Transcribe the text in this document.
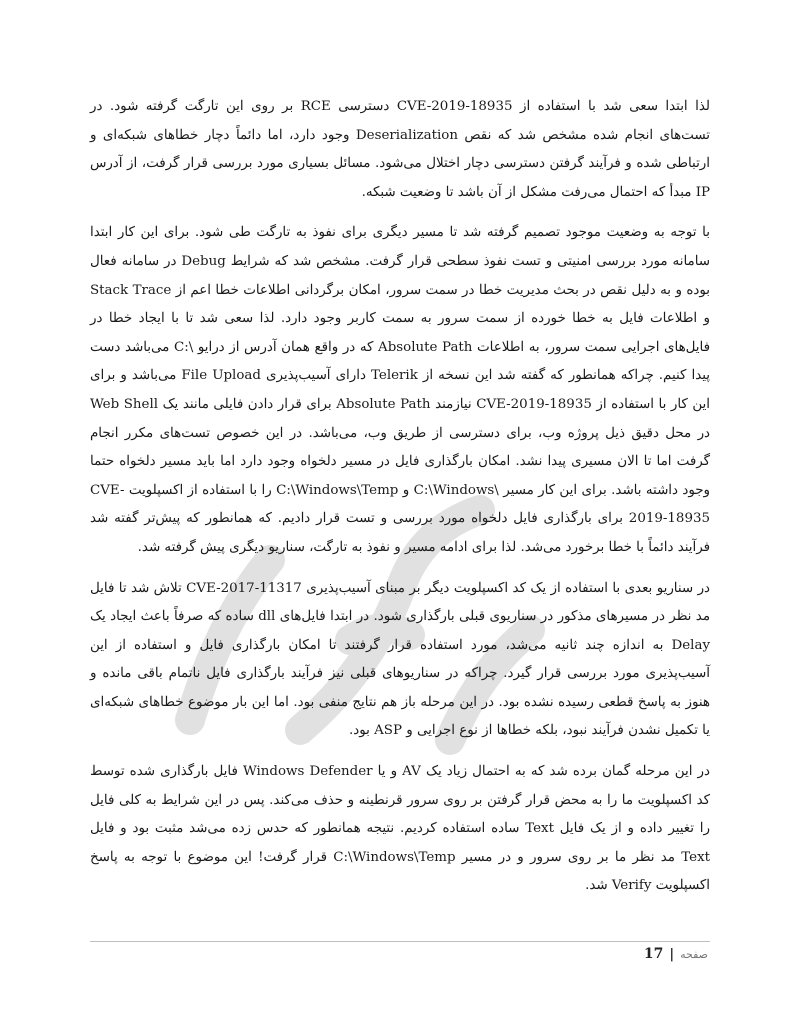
لذا ابتدا سعی شد با استفاده از CVE-2019-18935 دسترسی RCE بر روی این تارگت گرفته شود. در تست‌های انجام شده مشخص شد که نقص Deserialization وجود دارد، اما دائماً دچار خطاهای شبکه‌ای و ارتباطی شده و فرآیند گرفتن دسترسی دچار اختلال می‌شود. مسائل بسیاری مورد بررسی قرار گرفت، از آدرس IP مبدأ که احتمال می‌رفت مشکل از آن باشد تا وضعیت شبکه.

با توجه به وضعیت موجود تصمیم گرفته شد تا مسیر دیگری برای نفوذ به تارگت طی شود. برای این کار ابتدا سامانه مورد بررسی امنیتی و تست نفوذ سطحی قرار گرفت. مشخص شد که شرایط Debug در سامانه فعال بوده و به دلیل نقص در بحث مدیریت خطا در سمت سرور، امکان برگردانی اطلاعات خطا اعم از Stack Trace و اطلاعات فایل به خطا خورده از سمت سرور به سمت کاربر وجود دارد. لذا سعی شد تا با ایجاد خطا در فایل‌های اجرایی سمت سرور، به اطلاعات Absolute Path که در واقع همان آدرس از درایو \:C می‌باشد دست پیدا کنیم. چراکه همانطور که گفته شد این نسخه از Telerik دارای آسیب‌پذیری File Upload می‌باشد و برای این کار با استفاده از CVE-2019-18935 نیازمند Absolute Path برای قرار دادن فایلی مانند یک Web Shell در محل دقیق ذیل پروژه وب، برای دسترسی از طریق وب، می‌باشد. در این خصوص تست‌های مکرر انجام گرفت اما تا الان مسیری پیدا نشد. امکان بارگذاری فایل در مسیر دلخواه وجود دارد اما باید مسیر دلخواه حتما وجود داشته باشد. برای این کار مسیر \C:\Windows و C:\Windows\Temp را با استفاده از اکسپلویت CVE-2019-18935 برای بارگذاری فایل دلخواه مورد بررسی و تست قرار دادیم. که همانطور که پیش‌تر گفته شد فرآیند دائماً با خطا برخورد می‌شد. لذا برای ادامه مسیر و نفوذ به تارگت، سناریو دیگری پیش گرفته شد.

در سناریو بعدی با استفاده از یک کد اکسپلویت دیگر بر مبنای آسیب‌پذیری CVE-2017-11317 تلاش شد تا فایل مد نظر در مسیرهای مذکور در سناریوی قبلی بارگذاری شود. در ابتدا فایل‌های dll ساده که صرفاً باعث ایجاد یک Delay به اندازه چند ثانیه می‌شد، مورد استفاده قرار گرفتند تا امکان بارگذاری فایل و استفاده از این آسیب‌پذیری مورد بررسی قرار گیرد. چراکه در سناریوهای قبلی نیز فرآیند بارگذاری فایل ناتمام باقی مانده و هنوز به پاسخ قطعی رسیده نشده بود. در این مرحله باز هم نتایج منفی بود. اما این بار موضوع خطاهای شبکه‌ای یا تکمیل نشدن فرآیند نبود، بلکه خطاها از نوع اجرایی و ASP بود.

در این مرحله گمان برده شد که به احتمال زیاد یک AV و یا Windows Defender فایل بارگذاری شده توسط کد اکسپلویت ما را به محض قرار گرفتن بر روی سرور قرنطینه و حذف می‌کند. پس در این شرایط به کلی فایل را تغییر داده و از یک فایل Text ساده استفاده کردیم. نتیجه همانطور که حدس زده می‌شد مثبت بود و فایل Text مد نظر ما بر روی سرور و در مسیر C:\Windows\Temp قرار گرفت! این موضوع با توجه به پاسخ اکسپلویت Verify شد.

صفحه
|
17
